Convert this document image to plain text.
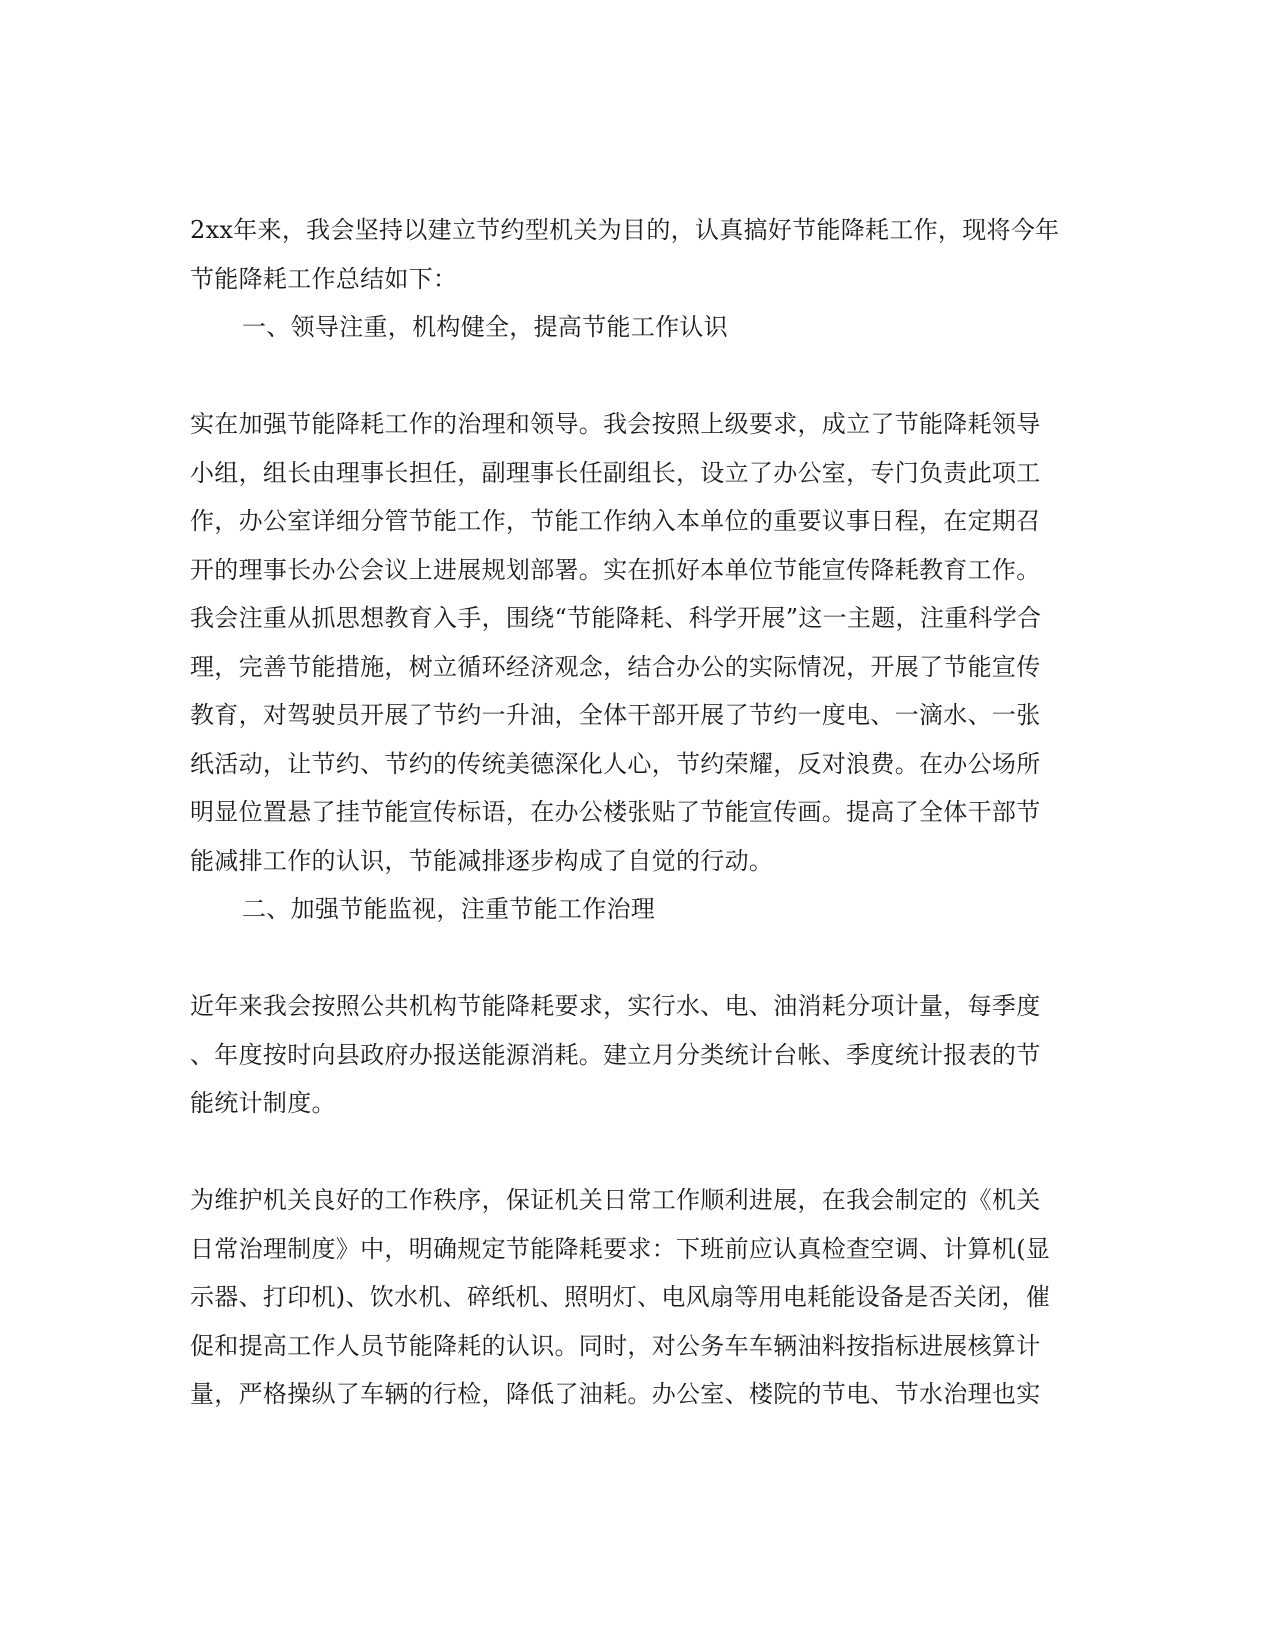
2xx年来，我会坚持以建立节约型机关为目的，认真搞好节能降耗工作，现将今年
节能降耗工作总结如下：
一、领导注重，机构健全，提高节能工作认识
实在加强节能降耗工作的治理和领导。我会按照上级要求，成立了节能降耗领导
小组，组长由理事长担任，副理事长任副组长，设立了办公室，专门负责此项工
作，办公室详细分管节能工作，节能工作纳入本单位的重要议事日程，在定期召
开的理事长办公会议上进展规划部署。实在抓好本单位节能宣传降耗教育工作。
我会注重从抓思想教育入手，围绕“节能降耗、科学开展”这一主题，注重科学合
理，完善节能措施，树立循环经济观念，结合办公的实际情况，开展了节能宣传
教育，对驾驶员开展了节约一升油，全体干部开展了节约一度电、一滴水、一张
纸活动，让节约、节约的传统美德深化人心，节约荣耀，反对浪费。在办公场所
明显位置悬了挂节能宣传标语，在办公楼张贴了节能宣传画。提高了全体干部节
能减排工作的认识，节能减排逐步构成了自觉的行动。
二、加强节能监视，注重节能工作治理
近年来我会按照公共机构节能降耗要求，实行水、电、油消耗分项计量，每季度
、年度按时向县政府办报送能源消耗。建立月分类统计台帐、季度统计报表的节
能统计制度。
为维护机关良好的工作秩序，保证机关日常工作顺利进展，在我会制定的《机关
日常治理制度》中，明确规定节能降耗要求：下班前应认真检查空调、计算机(显
示器、打印机)、饮水机、碎纸机、照明灯、电风扇等用电耗能设备是否关闭，催
促和提高工作人员节能降耗的认识。同时，对公务车车辆油料按指标进展核算计
量，严格操纵了车辆的行检，降低了油耗。办公室、楼院的节电、节水治理也实
